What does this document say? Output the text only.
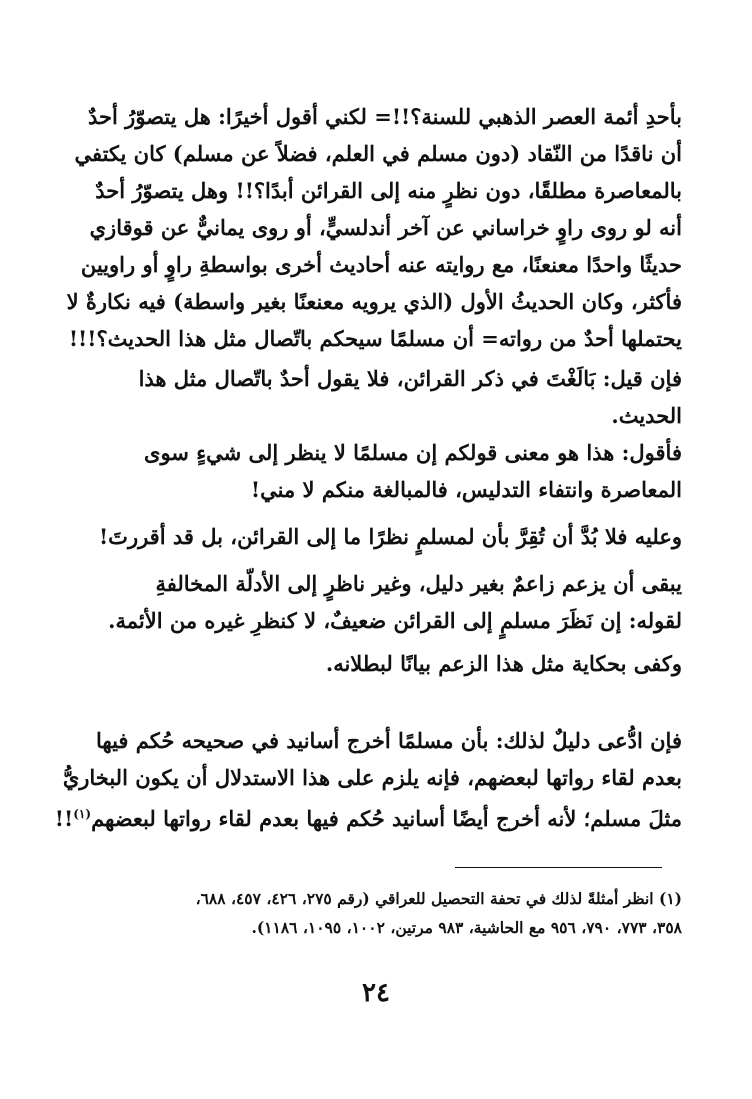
بأحدِ أئمة العصر الذهبي للسنة؟!!= لكني أقول أخيرًا: هل يتصوّرُ أحدٌ
أن ناقدًا من النّقاد (دون مسلم في العلم، فضلاً عن مسلم) كان يكتفي
بالمعاصرة مطلقًا، دون نظرٍ منه إلى القرائن أبدًا؟!! وهل يتصوّرُ أحدٌ
أنه لو روى راوٍ خراساني عن آخر أندلسيٍّ، أو روى يمانيٌّ عن قوقازي
حديثًا واحدًا معنعنًا، مع روايته عنه أحاديث أخرى بواسطةِ راوٍ أو راويين
فأكثر، وكان الحديثُ الأول (الذي يرويه معنعنًا بغير واسطة) فيه نكارةٌ لا
يحتملها أحدٌ من رواته= أن مسلمًا سيحكم باتّصال مثل هذا الحديث؟!!!
فإن قيل: بَالَغْتَ في ذكر القرائن، فلا يقول أحدٌ باتّصال مثل هذا
الحديث.
فأقول: هذا هو معنى قولكم إن مسلمًا لا ينظر إلى شيءٍ سوى
المعاصرة وانتفاء التدليس، فالمبالغة منكم لا مني!
وعليه فلا بُدَّ أن تُقِرَّ بأن لمسلمٍ نظرًا ما إلى القرائن، بل قد أقررتَ!
يبقى أن يزعم زاعمٌ بغير دليل، وغير ناظرٍ إلى الأدلّة المخالفةِ
لقوله: إن نَظَرَ مسلمٍ إلى القرائن ضعيفٌ، لا كنظرِ غيره من الأئمة.
وكفى بحكاية مثل هذا الزعم بيانًا لبطلانه.
فإن ادُّعى دليلٌ لذلك: بأن مسلمًا أخرج أسانيد في صحيحه حُكم فيها
بعدم لقاء رواتها لبعضهم، فإنه يلزم على هذا الاستدلال أن يكون البخاريُّ
مثلَ مسلم؛ لأنه أخرج أيضًا أسانيد حُكم فيها بعدم لقاء رواتها لبعضهم$^{(١)}$!!
(١) انظر أمثلةً لذلك في تحفة التحصيل للعراقي (رقم ٢٧٥، ٤٢٦، ٤٥٧، ٦٨٨،
٣٥٨، ٧٧٣، ٧٩٠، ٩٥٦ مع الحاشية، ٩٨٣ مرتين، ١٠٠٢، ١٠٩٥، ١١٨٦).
٢٤
